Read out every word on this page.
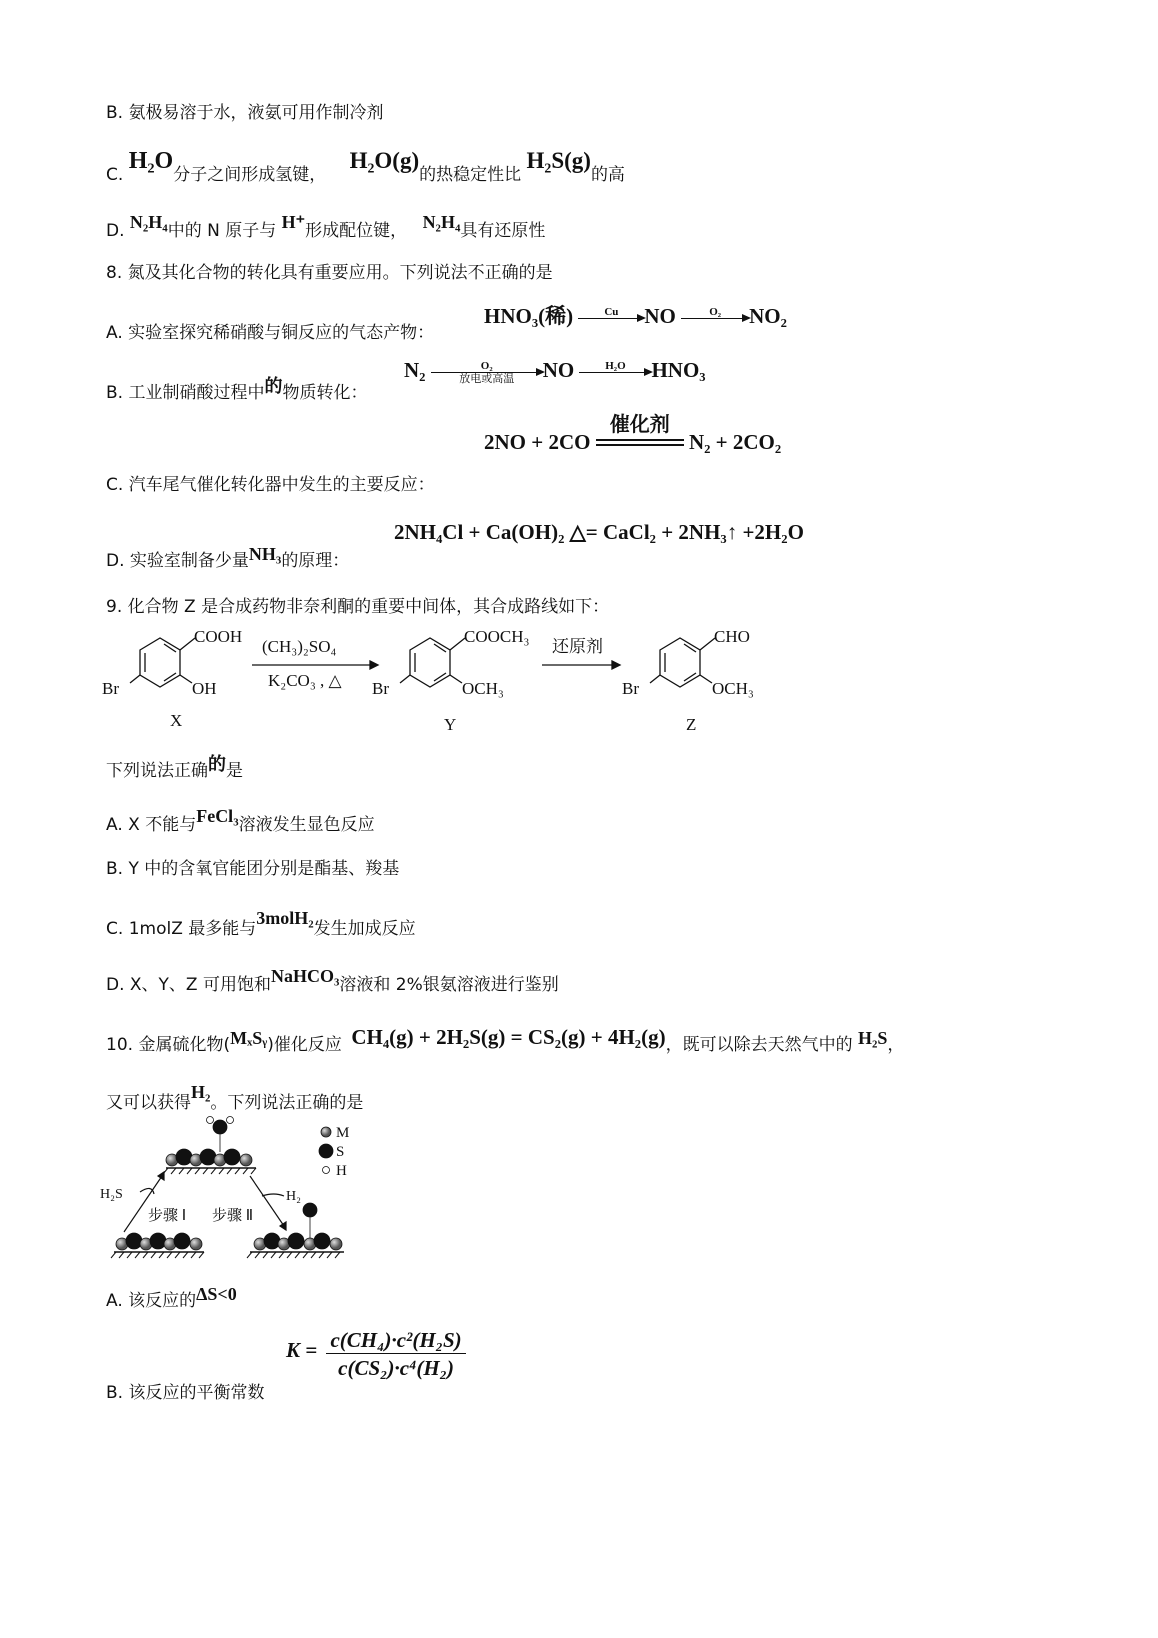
B. 氨极易溶于水，液氨可用作制冷剂
C. H₂O分子之间形成氢键， H₂O(g)的热稳定性比 H₂S(g)的高
D. N₂H₄中的 N 原子与 H⁺形成配位键， N₂H₄具有还原性
8. 氮及其化合物的转化具有重要应用。下列说法不正确的是
A. 实验室探究稀硝酸与铜反应的气态产物：
HNO₃(稀)	Cu
	NO	O₂
	NO₂
B. 工业制硝酸过程中的物质转化：
N₂	O₂
放电或高温	NO	H₂O
	HNO₃
2NO + 2CO
催化剂
N₂ + 2CO₂
C. 汽车尾气催化转化器中发生的主要反应：
D. 实验室制备少量NH₃的原理：
2NH₄Cl + Ca(OH)₂ △= CaCl₂ + 2NH₃↑ +2H₂O
9. 化合物 Z 是合成药物非奈利酮的重要中间体，其合成路线如下：
COOH
OH
Br
X
(CH₃)₂SO₄
K₂CO₃ , △
COOCH₃
OCH₃
Br
Y
还原剂
CHO
OCH₃
Br
Z
下列说法正确的是
A. X 不能与FeCl₃溶液发生显色反应
B. Y 中的含氧官能团分别是酯基、羧基
C. 1molZ 最多能与3molH₂发生加成反应
D. X、Y、Z 可用饱和NaHCO₃溶液和 2%银氨溶液进行鉴别
10. 金属硫化物(MₓSᵧ)催化反应 CH₄(g) + 2H₂S(g) = CS₂(g) + 4H₂(g)，既可以除去天然气中的 H₂S，
又可以获得H₂。下列说法正确的是
H₂S	H₂
步骤 Ⅰ 步骤 Ⅱ
M
S
H
A. 该反应的ΔS<0
B. 该反应的平衡常数
$K = \frac{\text{c(CH₄)·c²(H₂S)}}{\text{c(CS₂)·c⁴(H₂)}}$
